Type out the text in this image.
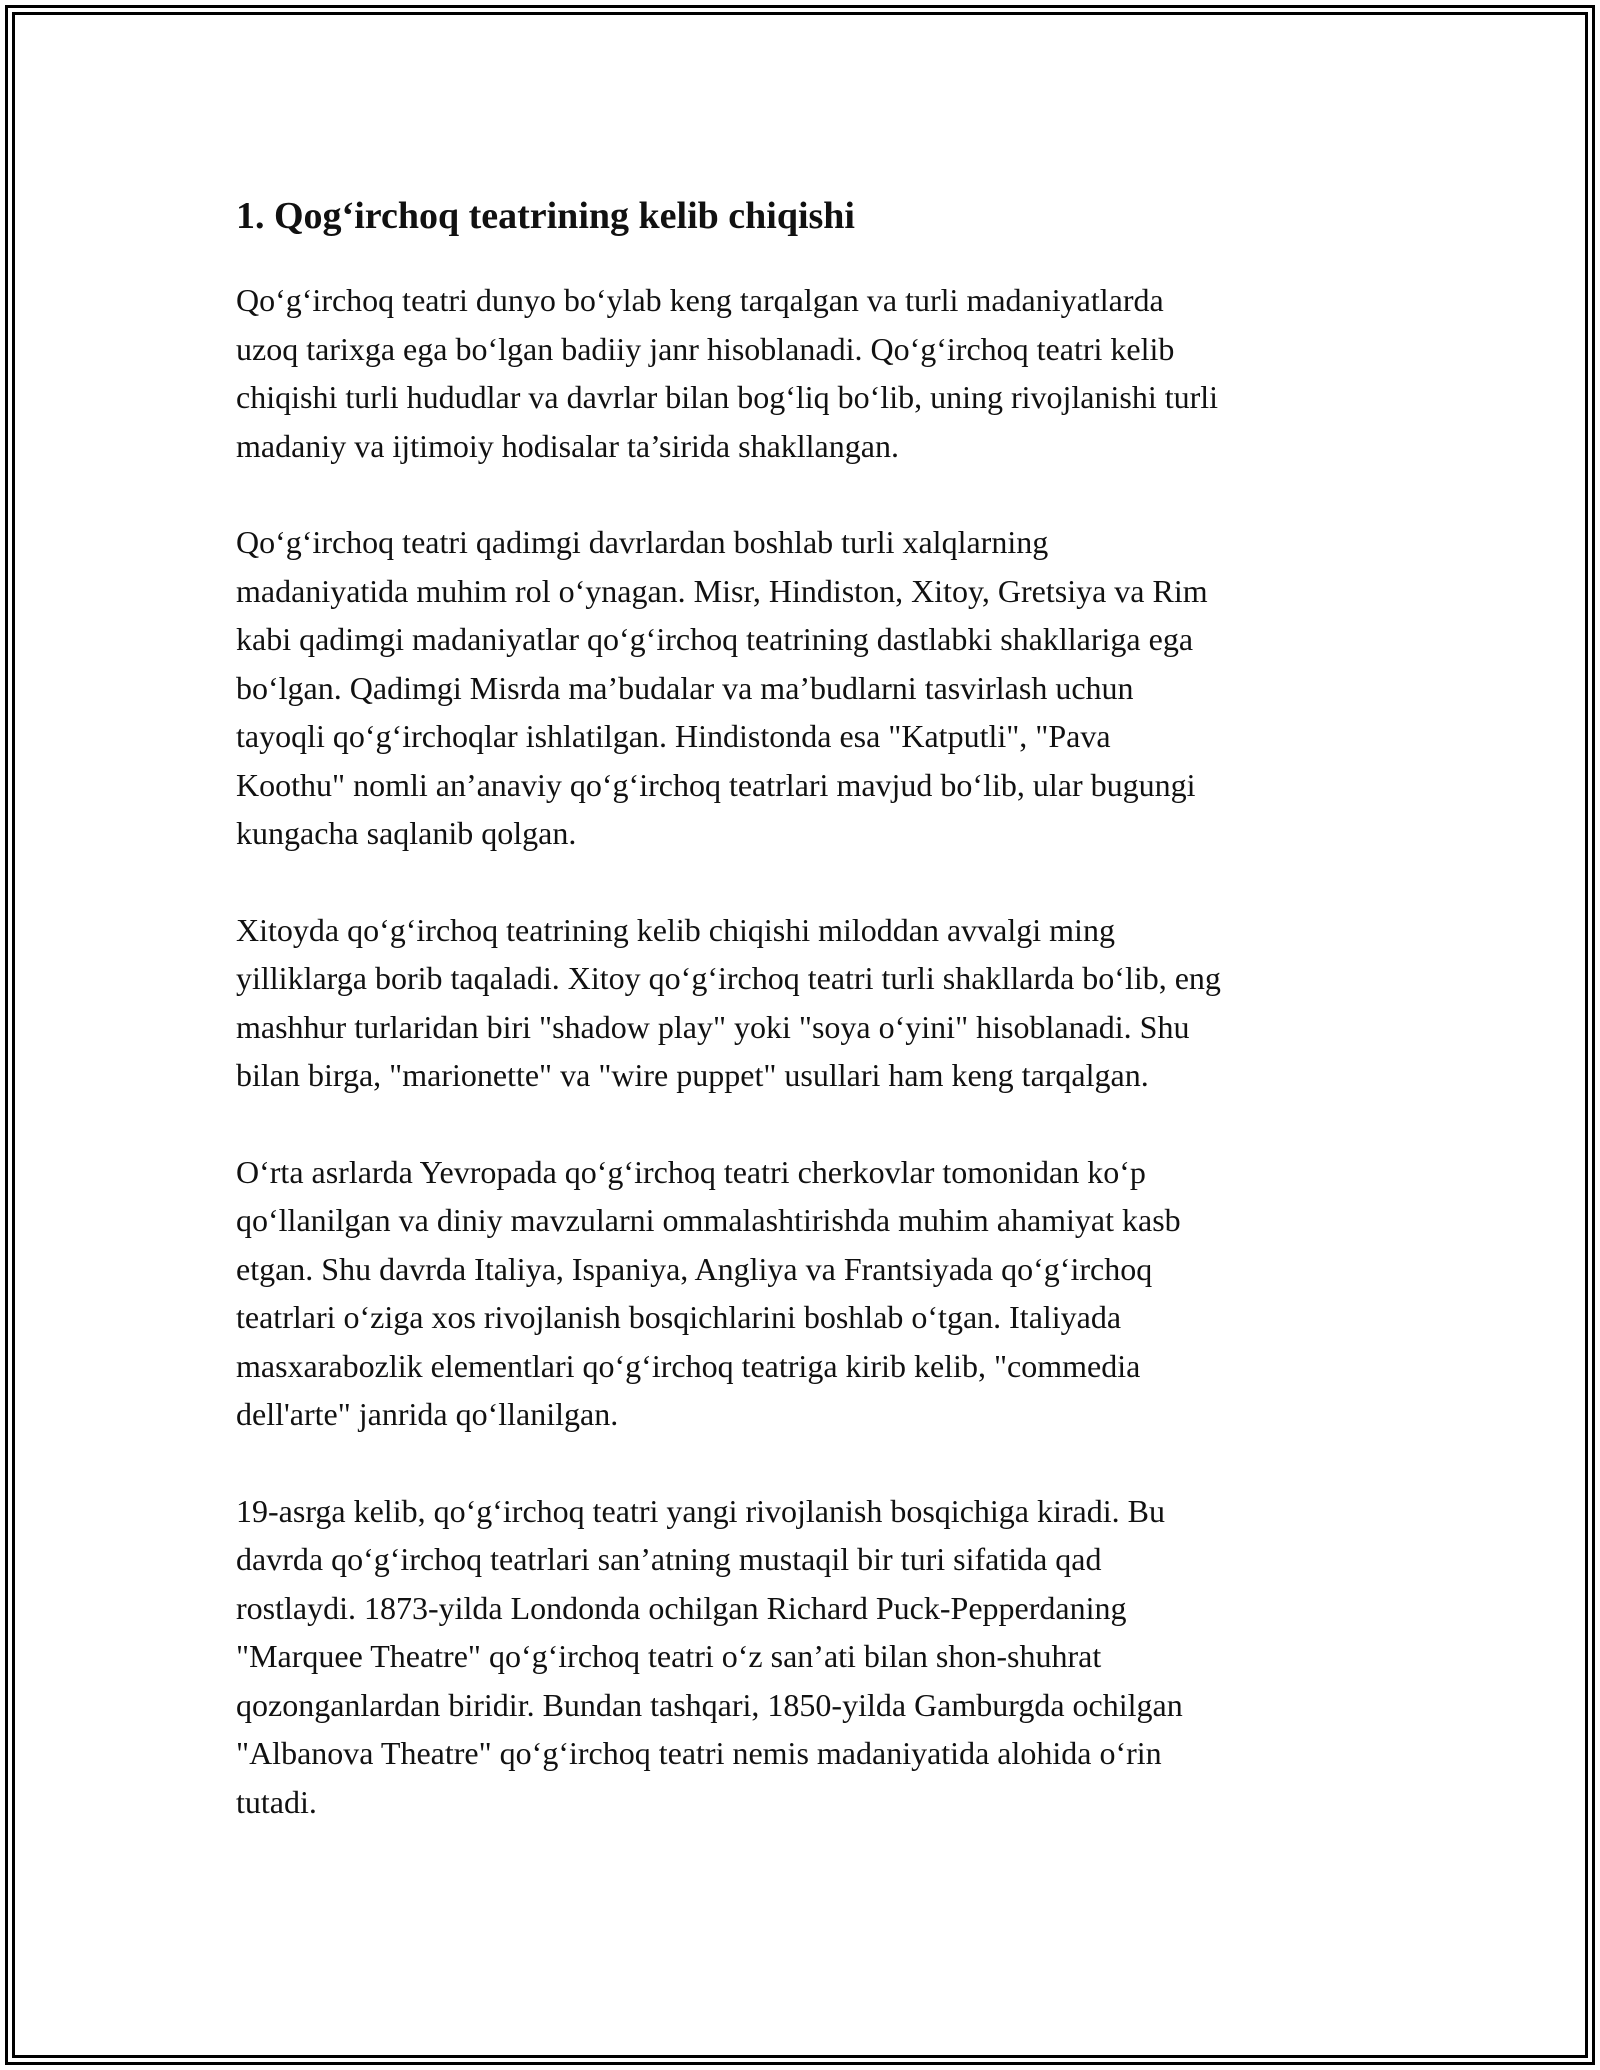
1. Qog‘irchoq teatrining kelib chiqishi

Qo‘g‘irchoq teatri dunyo bo‘ylab keng tarqalgan va turli madaniyatlarda
uzoq tarixga ega bo‘lgan badiiy janr hisoblanadi. Qo‘g‘irchoq teatri kelib
chiqishi turli hududlar va davrlar bilan bog‘liq bo‘lib, uning rivojlanishi turli
madaniy va ijtimoiy hodisalar ta’sirida shakllangan.

Qo‘g‘irchoq teatri qadimgi davrlardan boshlab turli xalqlarning
madaniyatida muhim rol o‘ynagan. Misr, Hindiston, Xitoy, Gretsiya va Rim
kabi qadimgi madaniyatlar qo‘g‘irchoq teatrining dastlabki shakllariga ega
bo‘lgan. Qadimgi Misrda ma’budalar va ma’budlarni tasvirlash uchun
tayoqli qo‘g‘irchoqlar ishlatilgan. Hindistonda esa "Katputli", "Pava
Koothu" nomli an’anaviy qo‘g‘irchoq teatrlari mavjud bo‘lib, ular bugungi
kungacha saqlanib qolgan.

Xitoyda qo‘g‘irchoq teatrining kelib chiqishi miloddan avvalgi ming
yilliklarga borib taqaladi. Xitoy qo‘g‘irchoq teatri turli shakllarda bo‘lib, eng
mashhur turlaridan biri "shadow play" yoki "soya o‘yini" hisoblanadi. Shu
bilan birga, "marionette" va "wire puppet" usullari ham keng tarqalgan.

O‘rta asrlarda Yevropada qo‘g‘irchoq teatri cherkovlar tomonidan ko‘p
qo‘llanilgan va diniy mavzularni ommalashtirishda muhim ahamiyat kasb
etgan. Shu davrda Italiya, Ispaniya, Angliya va Frantsiyada qo‘g‘irchoq
teatrlari o‘ziga xos rivojlanish bosqichlarini boshlab o‘tgan. Italiyada
masxarabozlik elementlari qo‘g‘irchoq teatriga kirib kelib, "commedia
dell'arte" janrida qo‘llanilgan.

19-asrga kelib, qo‘g‘irchoq teatri yangi rivojlanish bosqichiga kiradi. Bu
davrda qo‘g‘irchoq teatrlari san’atning mustaqil bir turi sifatida qad
rostlaydi. 1873-yilda Londonda ochilgan Richard Puck-Pepperdaning
"Marquee Theatre" qo‘g‘irchoq teatri o‘z san’ati bilan shon-shuhrat
qozonganlardan biridir. Bundan tashqari, 1850-yilda Gamburgda ochilgan
"Albanova Theatre" qo‘g‘irchoq teatri nemis madaniyatida alohida o‘rin
tutadi.
